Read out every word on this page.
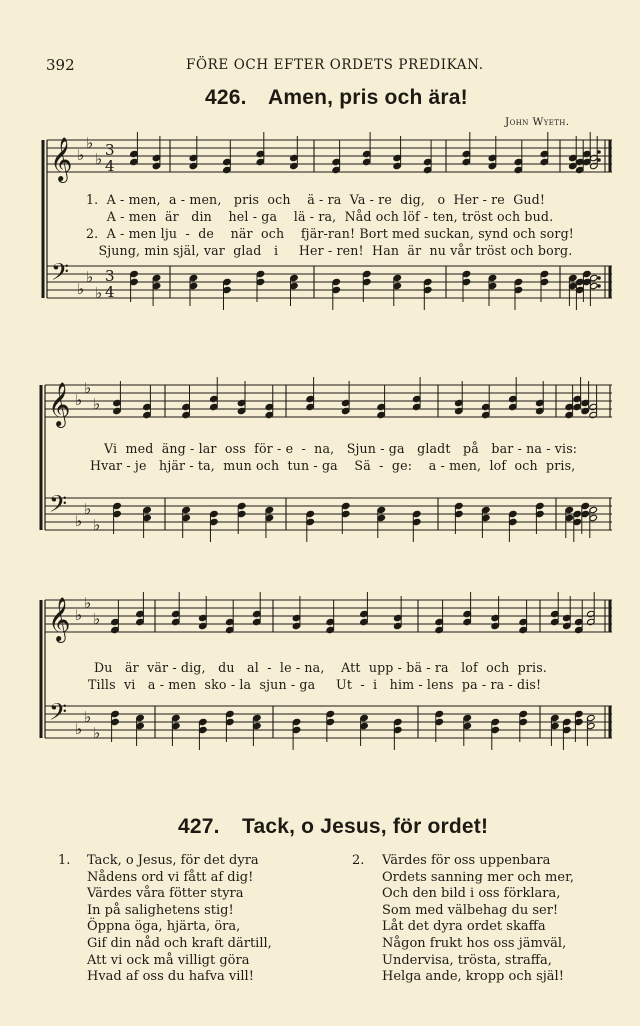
392	FÖRE OCH EFTER ORDETS PREDIKAN.
426. Amen, pris och ära!
John Wyeth.
𝄞
𝄢
♭
♭
♭
♭
♭
♭
3
4
3
4
𝄞
𝄢
♭
♭
♭
♭
♭
♭
𝄞
𝄢
♭
♭
♭
♭
♭
♭
1.  A - men,  a - men,   pris  och    ä - ra  Va - re  dig,   o  Her - re  Gud!
A - men  är   din    hel - ga    lä - ra,  Nåd och löf - ten, tröst och bud.
2.  A - men lju  -  de    när  och    fjär-ran! Bort med suckan, synd och sorg!
Sjung, min själ, var  glad   i     Her - ren!  Han  är  nu vår tröst och borg.
Vi  med  äng - lar  oss  för - e  -  na,   Sjun - ga   gladt   på   bar - na - vis:
Hvar - je   hjär - ta,  mun och  tun - ga    Sä  -  ge:    a - men,  lof  och  pris,
Du   är  vär - dig,   du   al  -  le - na,    Att  upp - bä - ra   lof  och  pris.
Tills  vi   a - men  sko - la  sjun - ga     Ut  -  i   him - lens  pa - ra - dis!
427. Tack, o Jesus, för ordet!
1. Tack, o Jesus, för det dyra
Nådens ord vi fått af dig!
Värdes våra fötter styra
In på salighetens stig!
Öppna öga, hjärta, öra,
Gif din nåd och kraft därtill,
Att vi ock må villigt göra
Hvad af oss du hafva vill!
2. Värdes för oss uppenbara
Ordets sanning mer och mer,
Och den bild i oss förklara,
Som med välbehag du ser!
Låt det dyra ordet skaffa
Någon frukt hos oss jämväl,
Undervisa, trösta, straffa,
Helga ande, kropp och själ!
